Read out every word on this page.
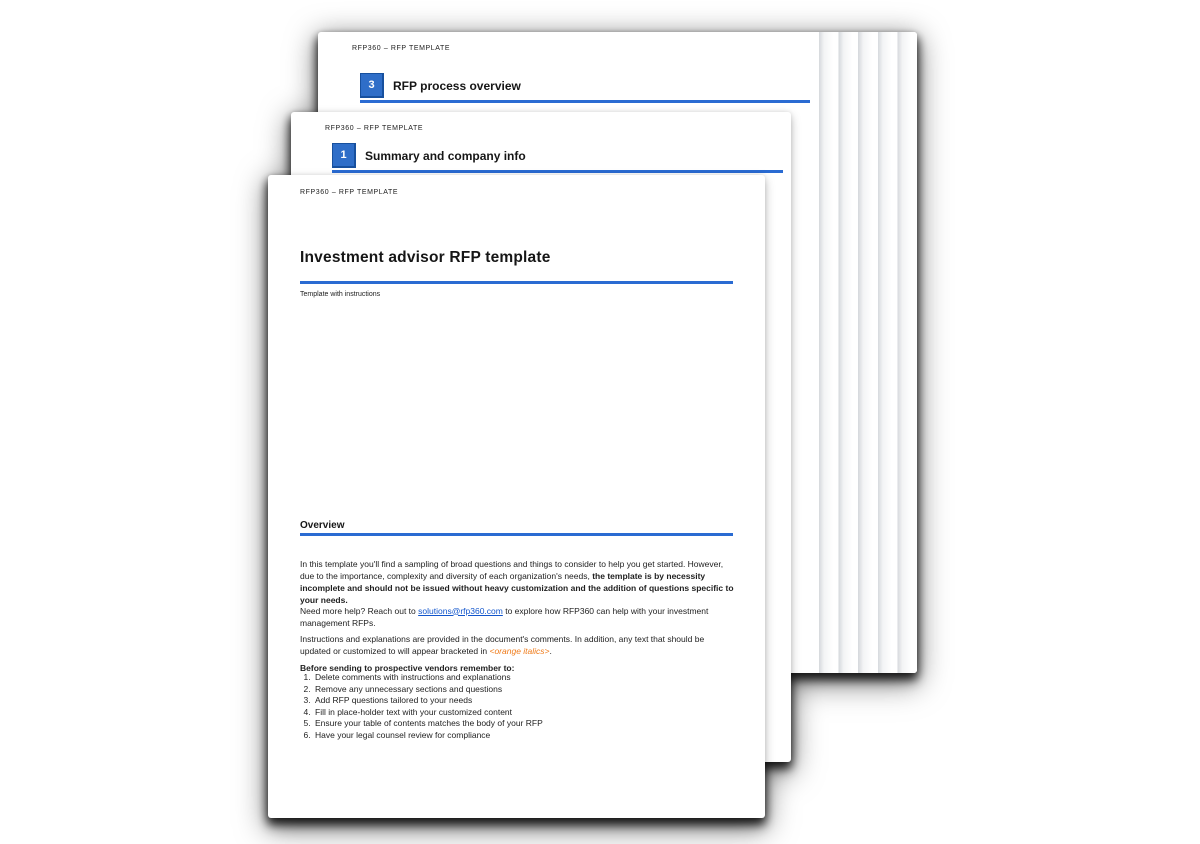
RFP360 – RFP TEMPLATE
3	RFP process overview
RFP360 – RFP TEMPLATE
1	Summary and company info
RFP360 – RFP TEMPLATE
Investment advisor RFP template
Template with instructions
Overview

In this template you'll find a sampling of broad questions and things to consider to help you get started. However, due to the importance, complexity and diversity of each organization's needs, the template is by necessity incomplete and should not be issued without heavy customization and the addition of questions specific to your needs.

Need more help? Reach out to solutions@rfp360.com to explore how RFP360 can help with your investment management RFPs.

Instructions and explanations are provided in the document's comments. In addition, any text that should be updated or customized to will appear bracketed in <orange italics>.

Before sending to prospective vendors remember to:

1. Delete comments with instructions and explanations
2. Remove any unnecessary sections and questions
3. Add RFP questions tailored to your needs
4. Fill in place-holder text with your customized content
5. Ensure your table of contents matches the body of your RFP
6. Have your legal counsel review for compliance
